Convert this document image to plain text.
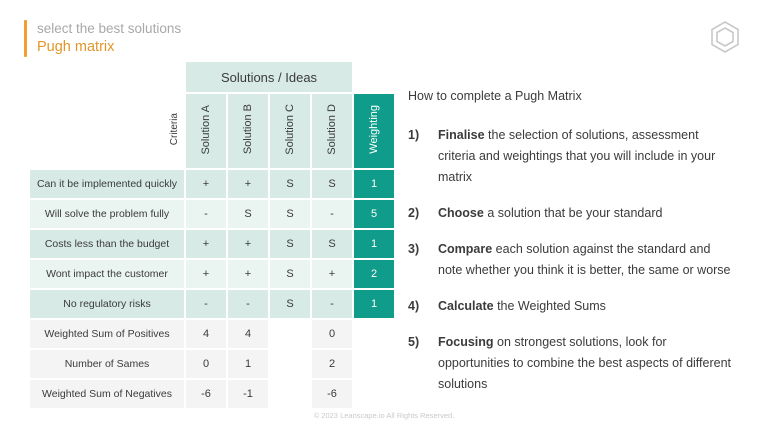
select the best solutions
Pugh matrix
		Solutions / Ideas				
	Criteria	Solution A	Solution B	Solution C	Solution D	Weighting
Can it be implemented quickly		+	+	S	S	1
Will solve the problem fully		-	S	S	-	5
Costs less than the budget		+	+	S	S	1
Wont impact the customer		+	+	S	+	2
No regulatory risks		-	-	S	-	1
Weighted Sum of Positives		4	4		0	
Number of Sames		0	1		2	
Weighted Sum of Negatives		-6	-1		-6	
How to complete a Pugh Matrix
1)	Finalise the selection of solutions, assessment criteria and weightings that you will include in your matrix
2)	Choose a solution that be your standard
3)	Compare each solution against the standard and note whether you think it is better, the same or worse
4)	Calculate the Weighted Sums
5)	Focusing on strongest solutions, look for opportunities to combine the best aspects of different solutions
© 2023 Leanscape.io All Rights Reserved.
